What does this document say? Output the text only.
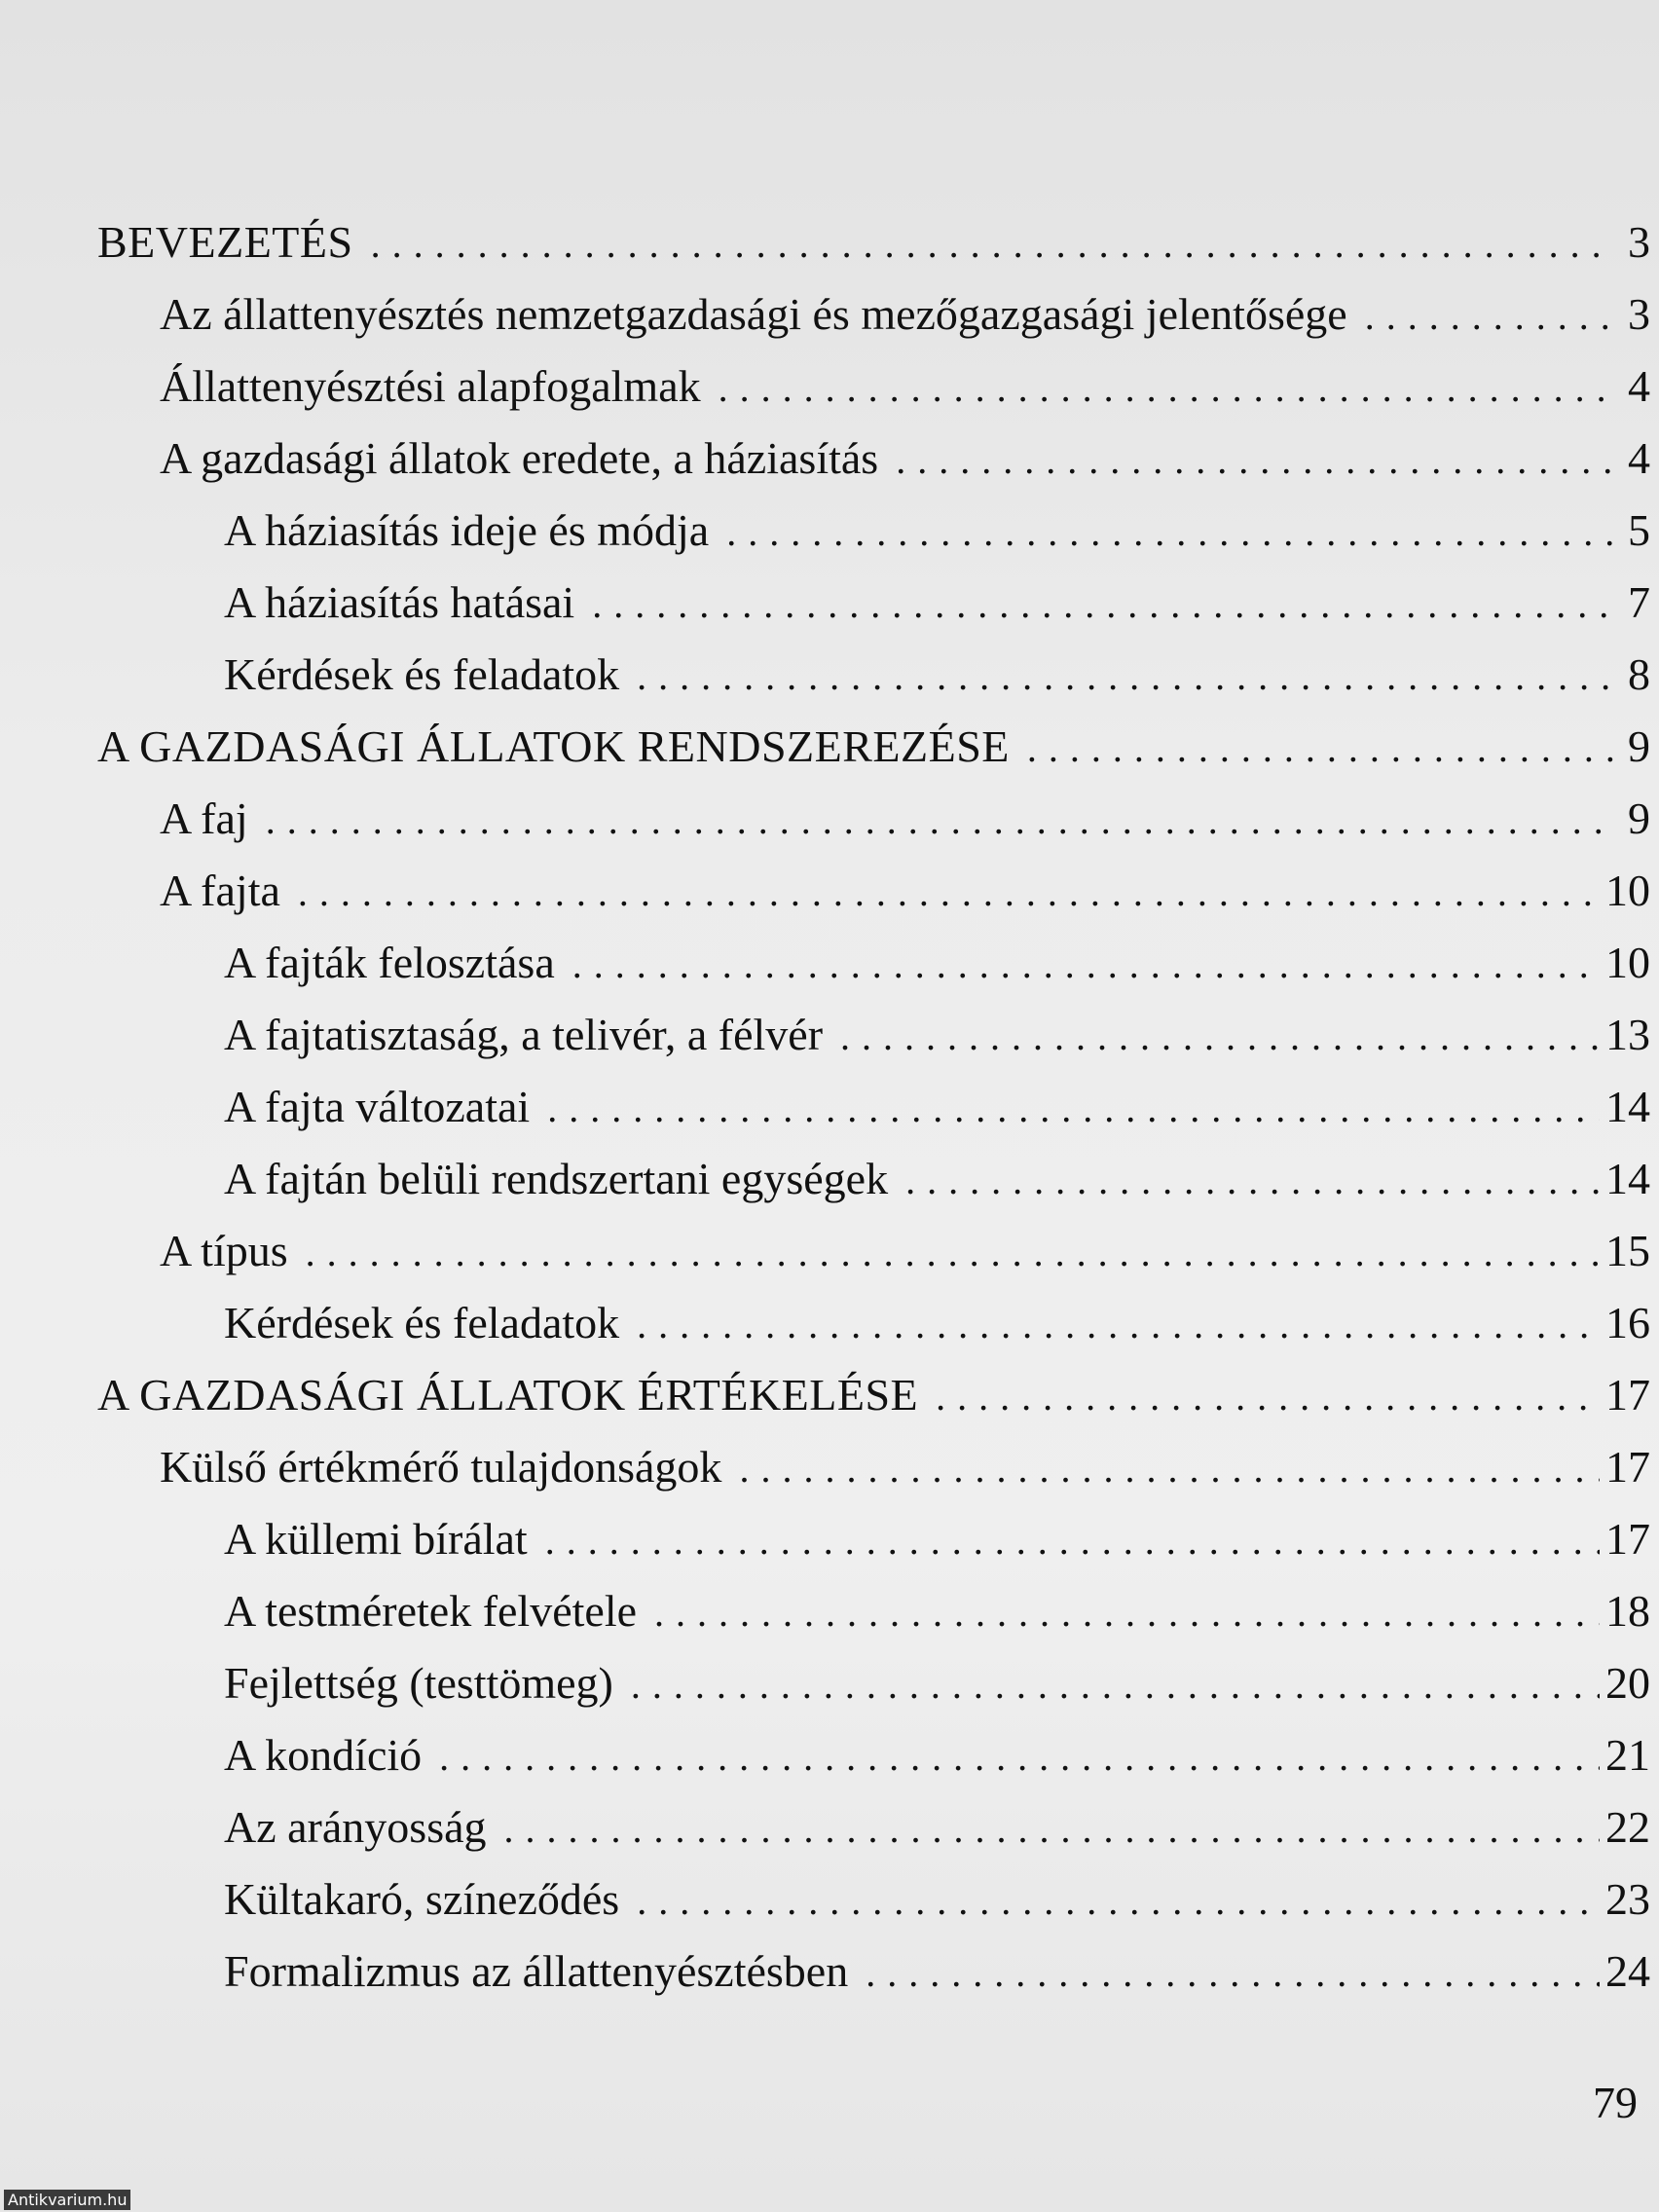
BEVEZETÉS . . .	3
Az állattenyésztés nemzetgazdasági és mezőgazgasági jelentősége . . .	3
Állattenyésztési alapfogalmak . . .	4
A gazdasági állatok eredete, a háziasítás . . .	4
A háziasítás ideje és módja . . .	5
A háziasítás hatásai . . .	7
Kérdések és feladatok . . .	8
A GAZDASÁGI ÁLLATOK RENDSZEREZÉSE . . .	9
A faj . . .	9
A fajta . . .	10
A fajták felosztása . . .	10
A fajtatisztaság, a telivér, a félvér . . .	13
A fajta változatai . . .	14
A fajtán belüli rendszertani egységek . . .	14
A típus . . .	15
Kérdések és feladatok . . .	16
A GAZDASÁGI ÁLLATOK ÉRTÉKELÉSE . . .	17
Külső értékmérő tulajdonságok . . .	17
A küllemi bírálat . . .	17
A testméretek felvétele . . .	18
Fejlettség (testtömeg) . . .	20
A kondíció . . .	21
Az arányosság . . .	22
Kültakaró, színeződés . . .	23
Formalizmus az állattenyésztésben . . .	24
79
Antikvarium.hu
